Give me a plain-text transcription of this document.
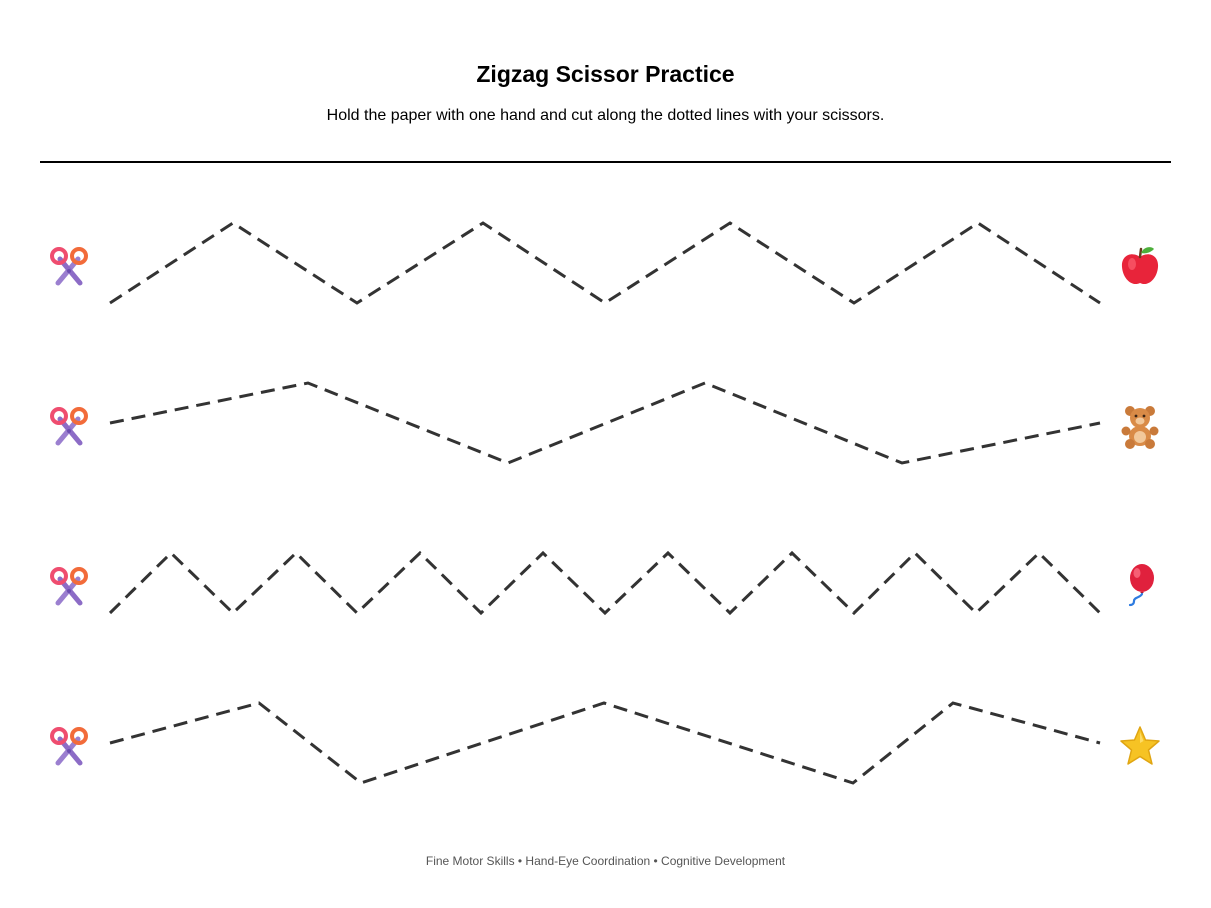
Zigzag Scissor Practice

Hold the paper with one hand and cut along the dotted lines with your scissors.

Fine Motor Skills • Hand-Eye Coordination • Cognitive Development
